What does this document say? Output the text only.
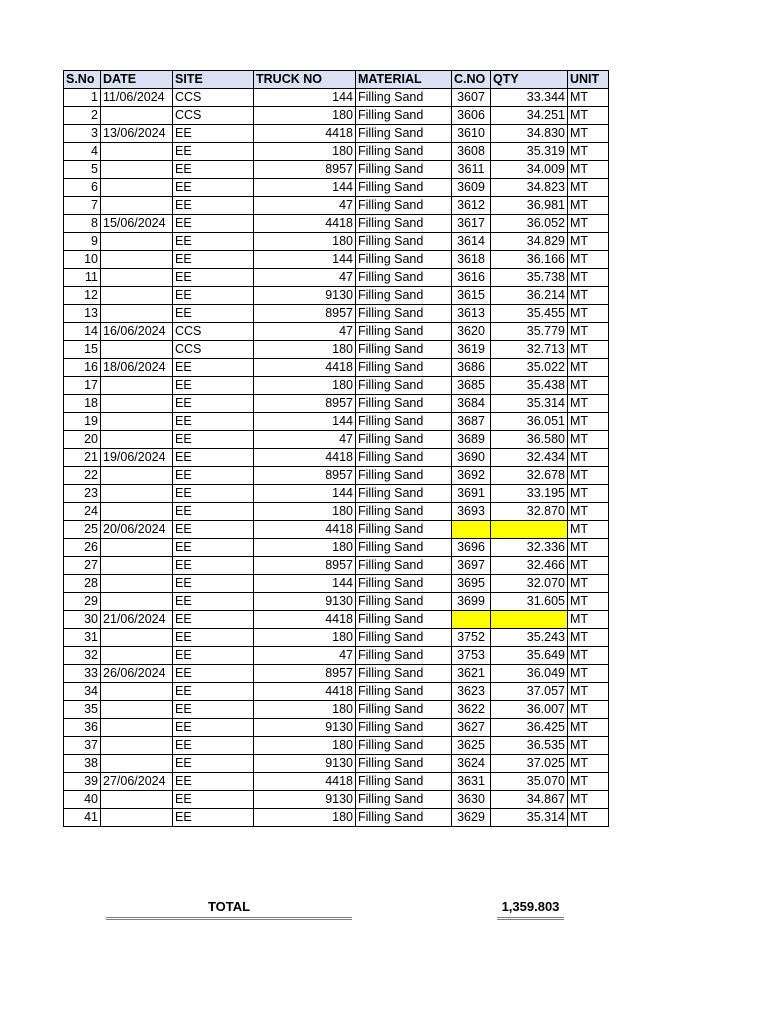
S.No	DATE	SITE	TRUCK NO	MATERIAL	C.NO	QTY	UNIT
1	11/06/2024	CCS	144	Filling Sand	3607	33.344	MT
2		CCS	180	Filling Sand	3606	34.251	MT
3	13/06/2024	EE	4418	Filling Sand	3610	34.830	MT
4		EE	180	Filling Sand	3608	35.319	MT
5		EE	8957	Filling Sand	3611	34.009	MT
6		EE	144	Filling Sand	3609	34.823	MT
7		EE	47	Filling Sand	3612	36.981	MT
8	15/06/2024	EE	4418	Filling Sand	3617	36.052	MT
9		EE	180	Filling Sand	3614	34.829	MT
10		EE	144	Filling Sand	3618	36.166	MT
11		EE	47	Filling Sand	3616	35.738	MT
12		EE	9130	Filling Sand	3615	36.214	MT
13		EE	8957	Filling Sand	3613	35.455	MT
14	16/06/2024	CCS	47	Filling Sand	3620	35.779	MT
15		CCS	180	Filling Sand	3619	32.713	MT
16	18/06/2024	EE	4418	Filling Sand	3686	35.022	MT
17		EE	180	Filling Sand	3685	35.438	MT
18		EE	8957	Filling Sand	3684	35.314	MT
19		EE	144	Filling Sand	3687	36.051	MT
20		EE	47	Filling Sand	3689	36.580	MT
21	19/06/2024	EE	4418	Filling Sand	3690	32.434	MT
22		EE	8957	Filling Sand	3692	32.678	MT
23		EE	144	Filling Sand	3691	33.195	MT
24		EE	180	Filling Sand	3693	32.870	MT
25	20/06/2024	EE	4418	Filling Sand			MT
26		EE	180	Filling Sand	3696	32.336	MT
27		EE	8957	Filling Sand	3697	32.466	MT
28		EE	144	Filling Sand	3695	32.070	MT
29		EE	9130	Filling Sand	3699	31.605	MT
30	21/06/2024	EE	4418	Filling Sand			MT
31		EE	180	Filling Sand	3752	35.243	MT
32		EE	47	Filling Sand	3753	35.649	MT
33	26/06/2024	EE	8957	Filling Sand	3621	36.049	MT
34		EE	4418	Filling Sand	3623	37.057	MT
35		EE	180	Filling Sand	3622	36.007	MT
36		EE	9130	Filling Sand	3627	36.425	MT
37		EE	180	Filling Sand	3625	36.535	MT
38		EE	9130	Filling Sand	3624	37.025	MT
39	27/06/2024	EE	4418	Filling Sand	3631	35.070	MT
40		EE	9130	Filling Sand	3630	34.867	MT
41		EE	180	Filling Sand	3629	35.314	MT
TOTAL	1,359.803
